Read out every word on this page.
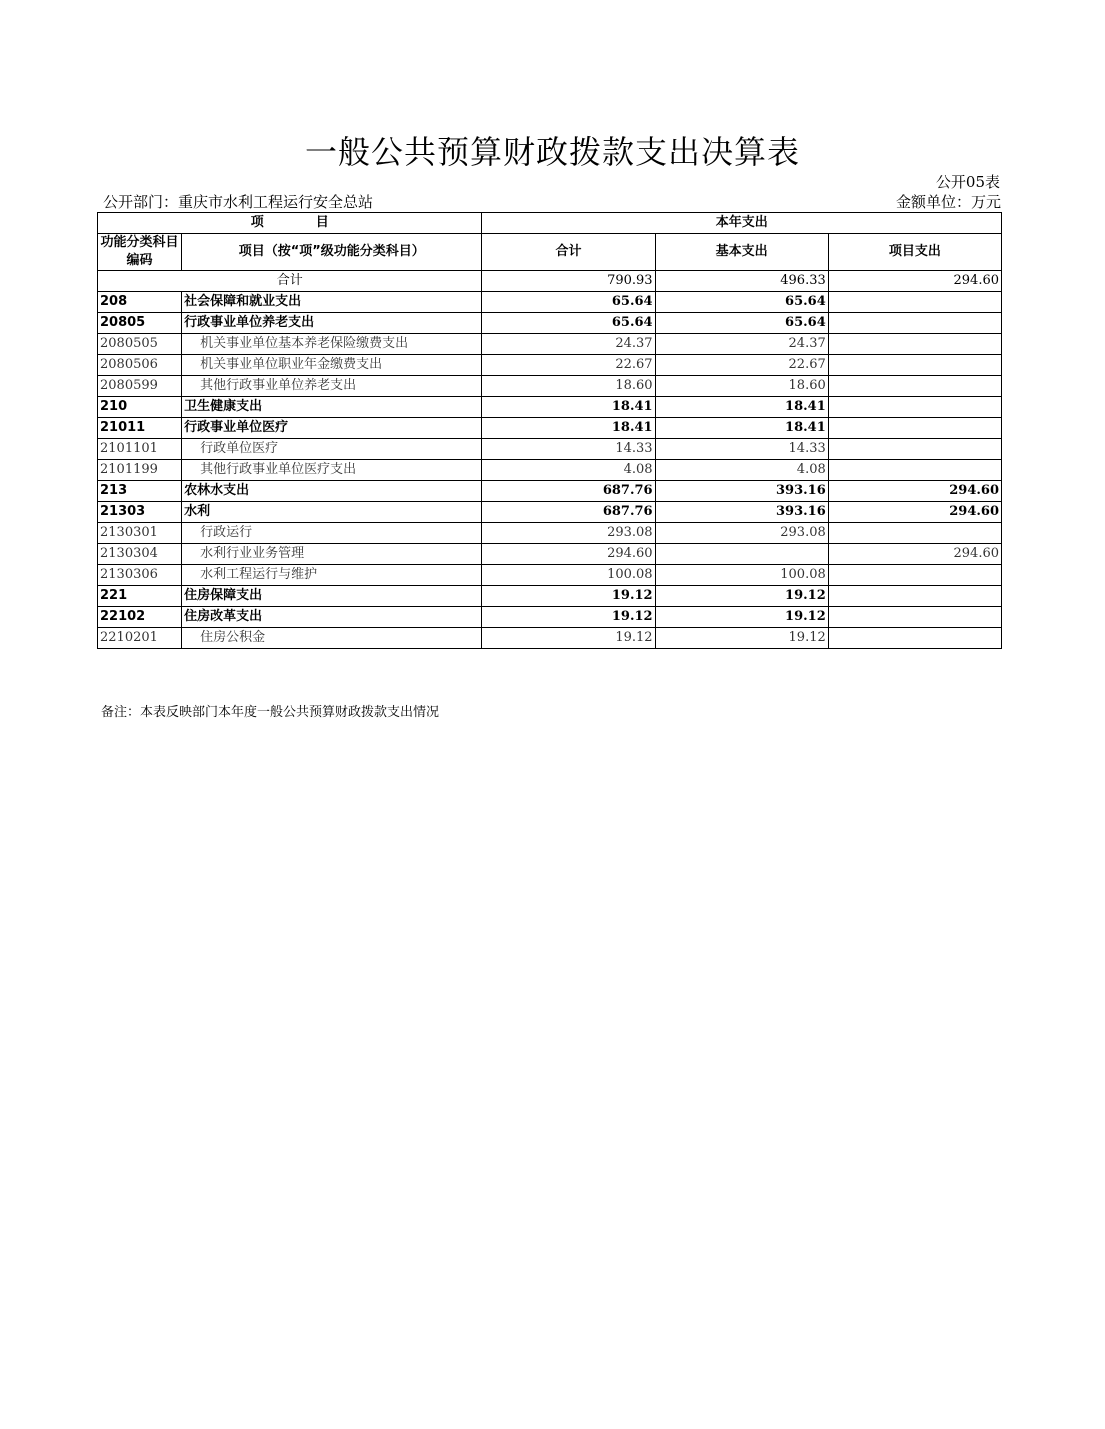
一般公共预算财政拨款支出决算表
公开05表
公开部门：重庆市水利工程运行安全总站	金额单位：万元
项　　　　目		本年支出		
功能分类科目编码	项目（按“项”级功能分类科目）	合计	基本支出	项目支出
合计		790.93	496.33	294.60
208	社会保障和就业支出	65.64	65.64	
20805	行政事业单位养老支出	65.64	65.64	
2080505	机关事业单位基本养老保险缴费支出	24.37	24.37	
2080506	机关事业单位职业年金缴费支出	22.67	22.67	
2080599	其他行政事业单位养老支出	18.60	18.60	
210	卫生健康支出	18.41	18.41	
21011	行政事业单位医疗	18.41	18.41	
2101101	行政单位医疗	14.33	14.33	
2101199	其他行政事业单位医疗支出	4.08	4.08	
213	农林水支出	687.76	393.16	294.60
21303	水利	687.76	393.16	294.60
2130301	行政运行	293.08	293.08	
2130304	水利行业业务管理	294.60		294.60
2130306	水利工程运行与维护	100.08	100.08	
221	住房保障支出	19.12	19.12	
22102	住房改革支出	19.12	19.12	
2210201	住房公积金	19.12	19.12	
备注：本表反映部门本年度一般公共预算财政拨款支出情况
